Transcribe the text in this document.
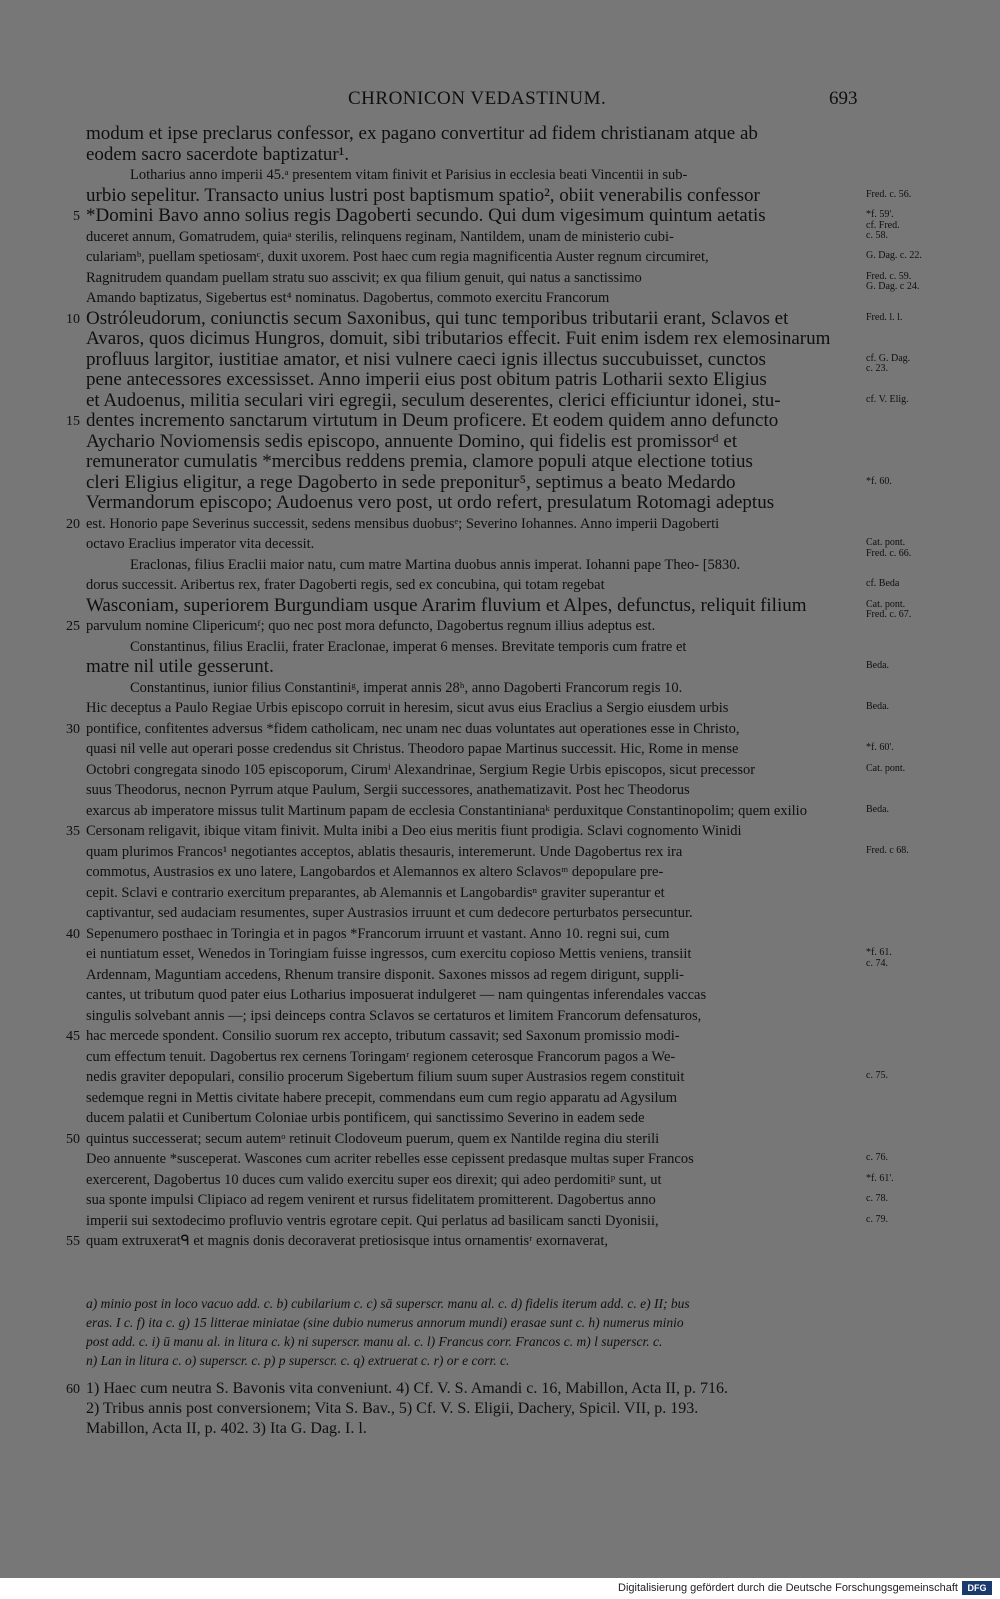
CHRONICON VEDASTINUM.	693
modum et ipse preclarus confessor, ex pagano convertitur ad fidem christianam atque ab
eodem sacro sacerdote baptizatur¹.
Lotharius anno imperii 45.ᵃ presentem vitam finivit et Parisius in ecclesia beati Vincentii in sub-
urbio sepelitur. Transacto unius lustri post baptismum spatio², obiit venerabilis confessor
*Domini Bavo anno solius regis Dagoberti secundo. Qui dum vigesimum quintum aetatis
5
duceret annum, Gomatrudem, quiaᵃ sterilis, relinquens reginam, Nantildem, unam de ministerio cubi-
culariamᵇ, puellam spetiosamᶜ, duxit uxorem. Post haec cum regia magnificentia Auster regnum circumiret,
Ragnitrudem quandam puellam stratu suo asscivit; ex qua filium genuit, qui natus a sanctissimo
Amando baptizatus, Sigebertus est⁴ nominatus. Dagobertus, commoto exercitu Francorum
Ostróleudorum, coniunctis secum Saxonibus, qui tunc temporibus tributarii erant, Sclavos et
10
Avaros, quos dicimus Hungros, domuit, sibi tributarios effecit. Fuit enim isdem rex elemosinarum
profluus largitor, iustitiae amator, et nisi vulnere caeci ignis illectus succubuisset, cunctos
pene antecessores excessisset. Anno imperii eius post obitum patris Lotharii sexto Eligius
et Audoenus, militia seculari viri egregii, seculum deserentes, clerici efficiuntur idonei, stu-
dentes incremento sanctarum virtutum in Deum proficere. Et eodem quidem anno defuncto
15
Aychario Noviomensis sedis episcopo, annuente Domino, qui fidelis est promissorᵈ et
remunerator cumulatis *mercibus reddens premia, clamore populi atque electione totius
cleri Eligius eligitur, a rege Dagoberto in sede preponitur⁵, septimus a beato Medardo
Vermandorum episcopo; Audoenus vero post, ut ordo refert, presulatum Rotomagi adeptus
est. Honorio pape Severinus successit, sedens mensibus duobusᵉ; Severino Iohannes. Anno imperii Dagoberti
20
octavo Eraclius imperator vita decessit.
Eraclonas, filius Eraclii maior natu, cum matre Martina duobus annis imperat. Iohanni pape Theo- [5830.
dorus successit. Aribertus rex, frater Dagoberti regis, sed ex concubina, qui totam regebat
Wasconiam, superiorem Burgundiam usque Ararim fluvium et Alpes, defunctus, reliquit filium
parvulum nomine Clipericumᶠ; quo nec post mora defuncto, Dagobertus regnum illius adeptus est.
25
Constantinus, filius Eraclii, frater Eraclonae, imperat 6 menses. Brevitate temporis cum fratre et
matre nil utile gesserunt.
Constantinus, iunior filius Constantiniᵍ, imperat annis 28ʰ, anno Dagoberti Francorum regis 10.
Hic deceptus a Paulo Regiae Urbis episcopo corruit in heresim, sicut avus eius Eraclius a Sergio eiusdem urbis
pontifice, confitentes adversus *fidem catholicam, nec unam nec duas voluntates aut operationes esse in Christo,
30
quasi nil velle aut operari posse credendus sit Christus. Theodoro papae Martinus successit. Hic, Rome in mense
Octobri congregata sinodo 105 episcoporum, Cirumⁱ Alexandrinae, Sergium Regie Urbis episcopos, sicut precessor
suus Theodorus, necnon Pyrrum atque Paulum, Sergii successores, anathematizavit. Post hec Theodorus
exarcus ab imperatore missus tulit Martinum papam de ecclesia Constantinianaᵏ perduxitque Constantinopolim; quem exilio
Cersonam religavit, ibique vitam finivit. Multa inibi a Deo eius meritis fiunt prodigia. Sclavi cognomento Winidi
35
quam plurimos Francos¹ negotiantes acceptos, ablatis thesauris, interemerunt. Unde Dagobertus rex ira
commotus, Austrasios ex uno latere, Langobardos et Alemannos ex altero Sclavosᵐ depopulare pre-
cepit. Sclavi e contrario exercitum preparantes, ab Alemannis et Langobardisⁿ graviter superantur et
captivantur, sed audaciam resumentes, super Austrasios irruunt et cum dedecore perturbatos persecuntur.
Sepenumero posthaec in Toringia et in pagos *Francorum irruunt et vastant. Anno 10. regni sui, cum
40
ei nuntiatum esset, Wenedos in Toringiam fuisse ingressos, cum exercitu copioso Mettis veniens, transiit
Ardennam, Maguntiam accedens, Rhenum transire disponit. Saxones missos ad regem dirigunt, suppli-
cantes, ut tributum quod pater eius Lotharius imposuerat indulgeret — nam quingentas inferendales vaccas
singulis solvebant annis —; ipsi deinceps contra Sclavos se certaturos et limitem Francorum defensaturos,
hac mercede spondent. Consilio suorum rex accepto, tributum cassavit; sed Saxonum promissio modi-
45
cum effectum tenuit. Dagobertus rex cernens Toringamʳ regionem ceterosque Francorum pagos a We-
nedis graviter depopulari, consilio procerum Sigebertum filium suum super Austrasios regem constituit
sedemque regni in Mettis civitate habere precepit, commendans eum cum regio apparatu ad Agysilum
ducem palatii et Cunibertum Coloniae urbis pontificem, qui sanctissimo Severino in eadem sede
quintus successerat; secum autemᵒ retinuit Clodoveum puerum, quem ex Nantilde regina diu sterili
50
Deo annuente *susceperat. Wascones cum acriter rebelles esse cepissent predasque multas super Francos
exercerent, Dagobertus 10 duces cum valido exercitu super eos direxit; qui adeo perdomitiᵖ sunt, ut
sua sponte impulsi Clipiaco ad regem venirent et rursus fidelitatem promitterent. Dagobertus anno
imperii sui sextodecimo profluvio ventris egrotare cepit. Qui perlatus ad basilicam sancti Dyonisii,
quam extruxeratᑫ et magnis donis decoraverat pretiosisque intus ornamentisʳ exornaverat,
55
Fred. c. 56.
*f. 59'.
cf. Fred.
c. 58.
G. Dag. c. 22.
Fred. c. 59.
G. Dag. c 24.
Fred. l. l.
cf. G. Dag.
c. 23.
cf. V. Elig.
*f. 60.
Cat. pont.
Fred. c. 66.
cf. Beda
Cat. pont.
Fred. c. 67.
Beda.
Beda.
*f. 60'.
Cat. pont.
Beda.
Fred. c 68.
*f. 61.
c. 74.
c. 75.
c. 76.
*f. 61'.
c. 78.
c. 79.
a) minio post in loco vacuo add. c. b) cubilarium c. c) sā superscr. manu al. c. d) fidelis iterum add. c. e) II; bus
eras. I c. f) ita c. g) 15 litterae miniatae (sine dubio numerus annorum mundi) erasae sunt c. h) numerus minio
post add. c. i) ū manu al. in litura c. k) ni superscr. manu al. c. l) Francus corr. Francos c. m) l superscr. c.
n) Lan in litura c. o) superscr. c. p) p superscr. c. q) extruerat c. r) or e corr. c.
1) Haec cum neutra S. Bavonis vita conveniunt. 4) Cf. V. S. Amandi c. 16, Mabillon, Acta II, p. 716.
60
2) Tribus annis post conversionem; Vita S. Bav., 5) Cf. V. S. Eligii, Dachery, Spicil. VII, p. 193.
Mabillon, Acta II, p. 402. 3) Ita G. Dag. I. l.
Digitalisierung gefördert durch die Deutsche Forschungsgemeinschaft	DFG
